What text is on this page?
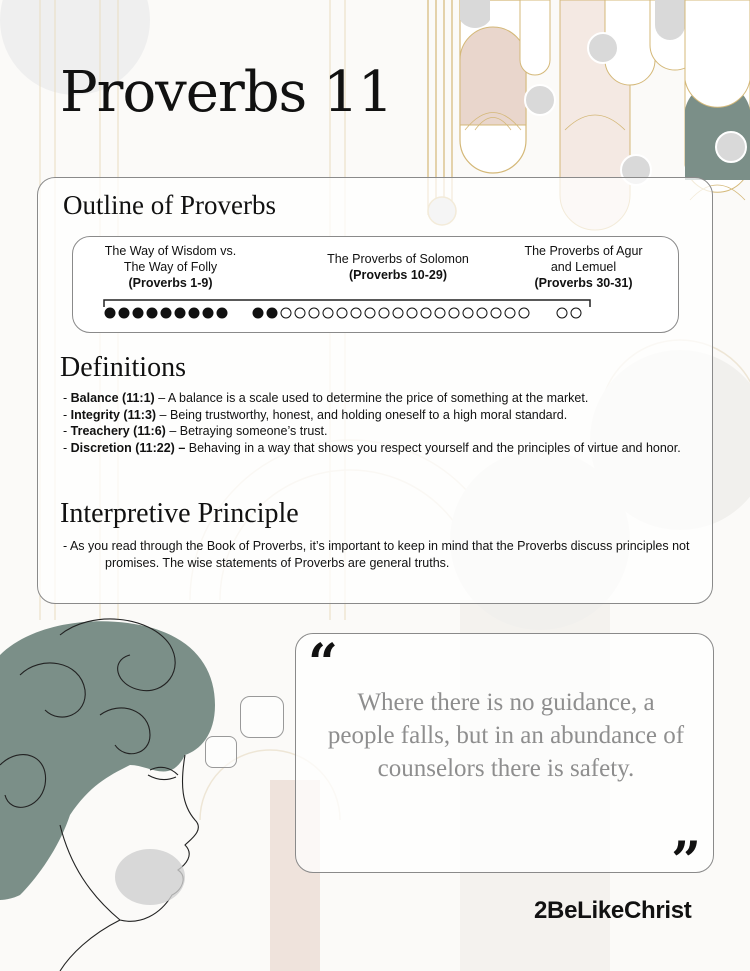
Proverbs 11
Outline of Proverbs
The Way of Wisdom vs.
The Way of Folly
(Proverbs 1-9)
The Proverbs of Solomon
(Proverbs 10-29)
The Proverbs of Agur
and Lemuel
(Proverbs 30-31)
Definitions

- Balance (11:1) – A balance is a scale used to determine the price of something at the market.

- Integrity (11:3) – Being trustworthy, honest, and holding oneself to a high moral standard.

- Treachery (11:6) – Betraying someone’s trust.

- Discretion (11:22) – Behaving in a way that shows you respect yourself and the principles of virtue and honor.

Interpretive Principle

- As you read through the Book of Proverbs, it’s important to keep in mind that the Proverbs discuss principles not promises. The wise statements of Proverbs are general truths.

“
Where there is no guidance, a people falls, but in an abundance of counselors there is safety.
”
2BeLikeChrist
